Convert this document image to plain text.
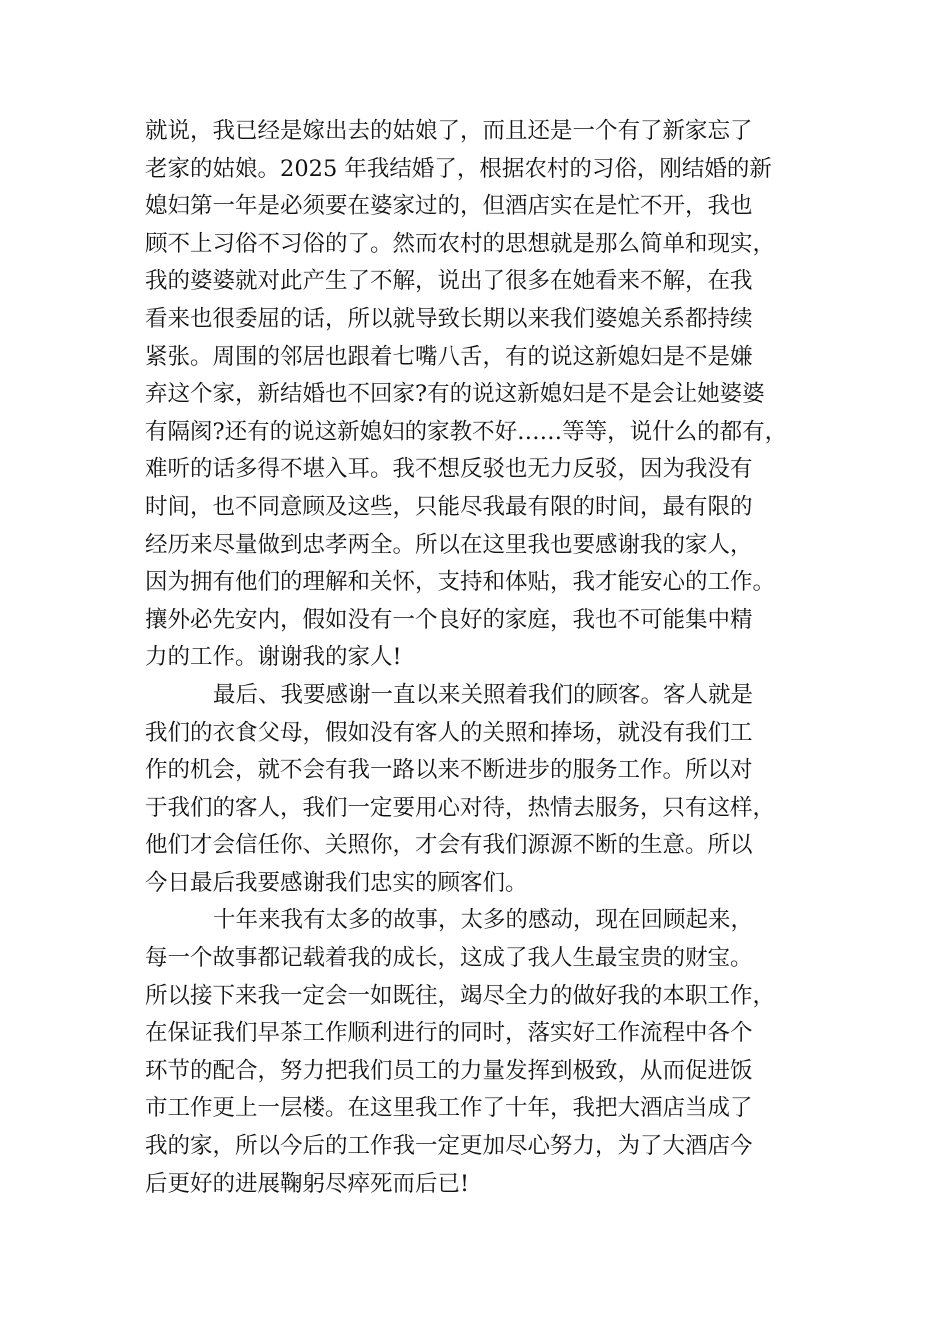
就说，我已经是嫁出去的姑娘了，而且还是一个有了新家忘了
老家的姑娘。2025 年我结婚了，根据农村的习俗，刚结婚的新
媳妇第一年是必须要在婆家过的，但酒店实在是忙不开，我也
顾不上习俗不习俗的了。然而农村的思想就是那么简单和现实，
我的婆婆就对此产生了不解，说出了很多在她看来不解，在我
看来也很委屈的话，所以就导致长期以来我们婆媳关系都持续
紧张。周围的邻居也跟着七嘴八舌，有的说这新媳妇是不是嫌
弃这个家，新结婚也不回家?有的说这新媳妇是不是会让她婆婆
有隔阂?还有的说这新媳妇的家教不好……等等，说什么的都有，
难听的话多得不堪入耳。我不想反驳也无力反驳，因为我没有
时间，也不同意顾及这些，只能尽我最有限的时间，最有限的
经历来尽量做到忠孝两全。所以在这里我也要感谢我的家人，
因为拥有他们的理解和关怀，支持和体贴，我才能安心的工作。
攘外必先安内，假如没有一个良好的家庭，我也不可能集中精
力的工作。谢谢我的家人!
最后、我要感谢一直以来关照着我们的顾客。客人就是
我们的衣食父母，假如没有客人的关照和捧场，就没有我们工
作的机会，就不会有我一路以来不断进步的服务工作。所以对
于我们的客人，我们一定要用心对待，热情去服务，只有这样，
他们才会信任你、关照你，才会有我们源源不断的生意。所以
今日最后我要感谢我们忠实的顾客们。
十年来我有太多的故事，太多的感动，现在回顾起来，
每一个故事都记载着我的成长，这成了我人生最宝贵的财宝。
所以接下来我一定会一如既往，竭尽全力的做好我的本职工作，
在保证我们早茶工作顺利进行的同时，落实好工作流程中各个
环节的配合，努力把我们员工的力量发挥到极致，从而促进饭
市工作更上一层楼。在这里我工作了十年，我把大酒店当成了
我的家，所以今后的工作我一定更加尽心努力，为了大酒店今
后更好的进展鞠躬尽瘁死而后已!
